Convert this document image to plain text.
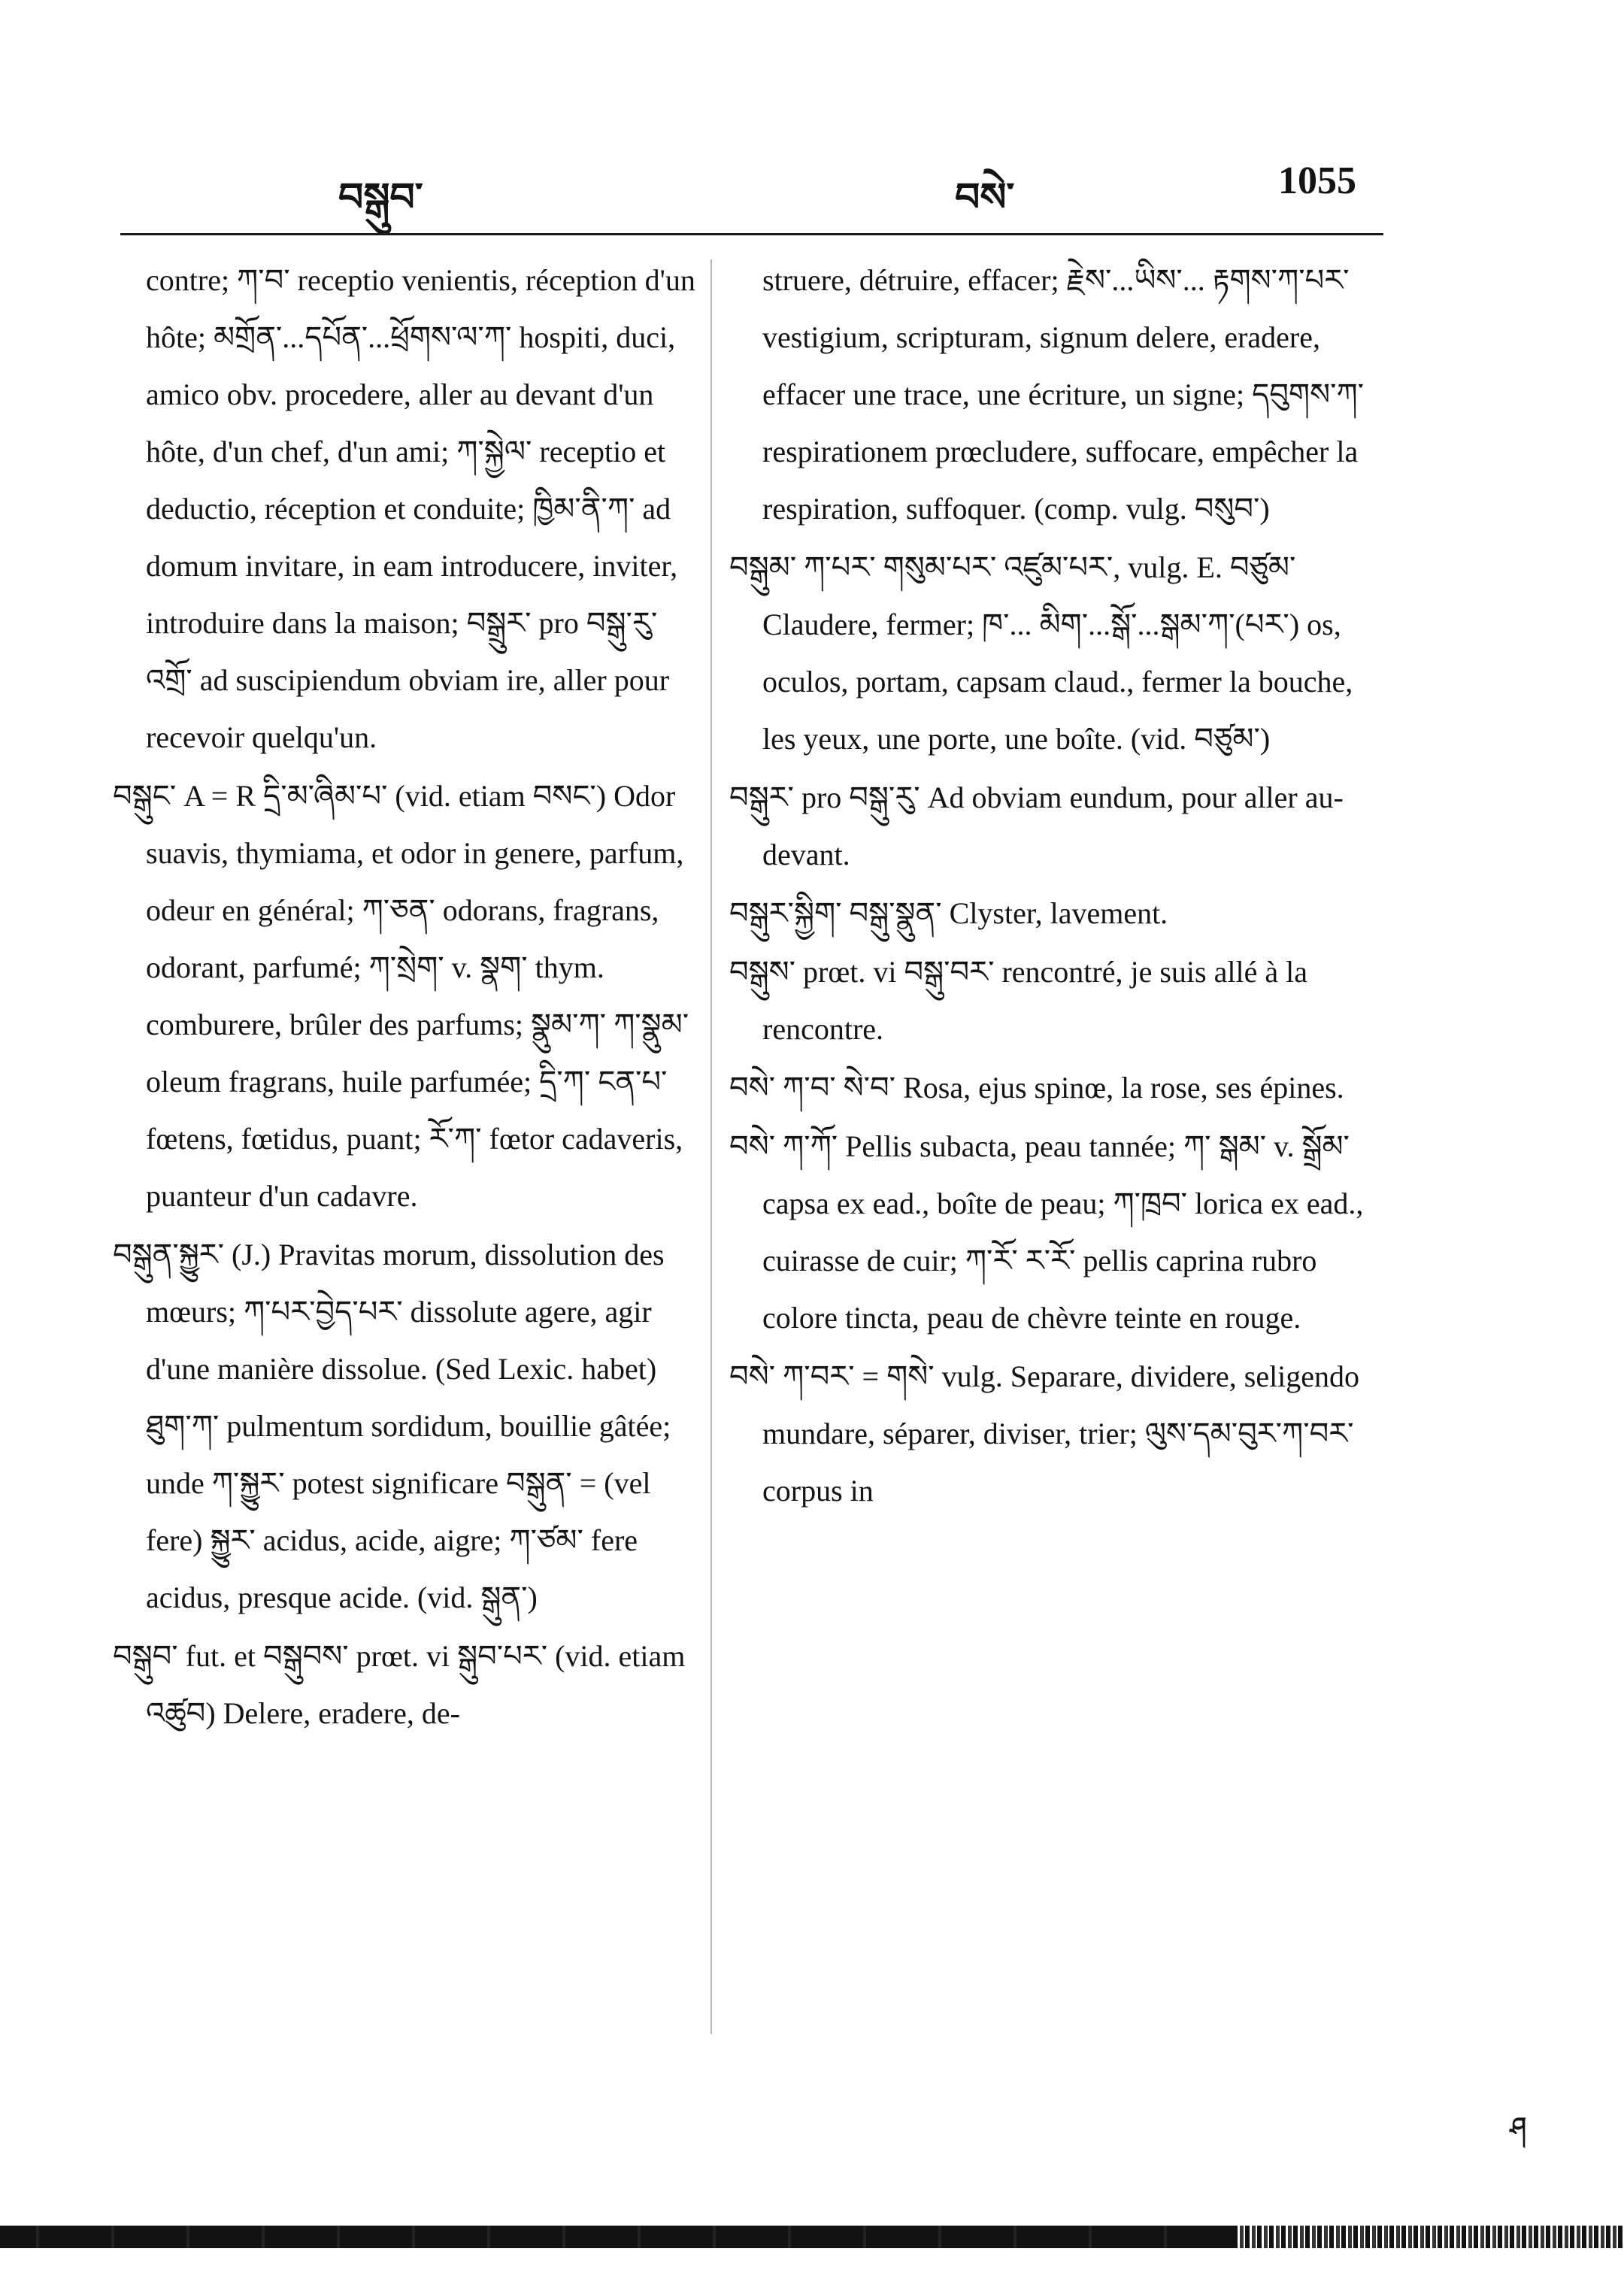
བསྒུབ་	བསེ་	1055

contre; ཀ་བ་ receptio venientis, réception d'un hôte; མགྲོན་...དཔོན་...ཕྲོགས་ལ་ཀ་ hospiti, duci, amico obv. procedere, aller au devant d'un hôte, d'un chef, d'un ami; ཀ་སྐྱེལ་ receptio et deductio, réception et conduite; ཁྱིམ་ནི་ཀ་ ad domum invitare, in eam introducere, inviter, introduire dans la maison; བསྒྲུར་ pro བསྒུ་རུ་འགྲོ་ ad suscipiendum obviam ire, aller pour recevoir quelqu'un.

བསྒུང་ A = R དྲི་མ་ཞིམ་པ་ (vid. etiam བསང་) Odor suavis, thymiama, et odor in genere, parfum, odeur en général; ཀ་ཅན་ odorans, fragrans, odorant, parfumé; ཀ་སྲེག་ v. སྣག་ thym. comburere, brûler des parfums; སྣུམ་ཀ་ ཀ་སྣུམ་ oleum fragrans, huile parfumée; དྲི་ཀ་ ངན་པ་ fœtens, fœtidus, puant; རོ་ཀ་ fœtor cadaveris, puanteur d'un cadavre.

བསྒུན་སྐྱུར་ (J.) Pravitas morum, dissolution des mœurs; ཀ་པར་བྱེད་པར་ dissolute agere, agir d'une manière dissolue. (Sed Lexic. habet) ཐུག་ཀ་ pulmentum sordidum, bouillie gâtée; unde ཀ་སྐྱུར་ potest significare བསྒུན་ = (vel fere) སྐྱུར་ acidus, acide, aigre; ཀ་ཙམ་ fere acidus, presque acide. (vid. སྒུན་)

བསྒུབ་ fut. et བསྒུབས་ prœt. vi སྒུབ་པར་ (vid. etiam འཚུབ) Delere, eradere, de-

struere, détruire, effacer; རྗེས་...ཡིས་... རྟགས་ཀ་པར་ vestigium, scripturam, signum delere, eradere, effacer une trace, une écriture, un signe; དབུགས་ཀ་ respirationem prœcludere, suffocare, empêcher la respiration, suffoquer. (comp. vulg. བསུབ་)

བསྒུམ་ ཀ་པར་ གསུམ་པར་ འཛུམ་པར་, vulg. E. བཙུམ་ Claudere, fermer; ཁ་... མིག་...སྒོ་...སྒམ་ཀ་(པར་) os, oculos, portam, capsam claud., fermer la bouche, les yeux, une porte, une boîte. (vid. བཙུམ་)

བསྒུར་ pro བསྒུ་རུ་ Ad obviam eundum, pour aller au-devant.

བསྒུར་སྐྱིག་ བསྒུ་སྣུན་ Clyster, lavement.

བསྒུས་ prœt. vi བསྒུ་བར་ rencontré, je suis allé à la rencontre.

བསེ་ ཀ་བ་ སེ་བ་ Rosa, ejus spinœ, la rose, ses épines.

བསེ་ ཀ་ཀོ་ Pellis subacta, peau tannée; ཀ་ སྒམ་ v. སྒྲོམ་ capsa ex ead., boîte de peau; ཀ་ཁྲབ་ lorica ex ead., cuirasse de cuir; ཀ་རོ་ ར་རོ་ pellis caprina rubro colore tincta, peau de chèvre teinte en rouge.

བསེ་ ཀ་བར་ = གསེ་ vulg. Separare, dividere, seligendo mundare, séparer, diviser, trier; ལུས་དམ་བུར་ཀ་བར་ corpus in

ཤ
